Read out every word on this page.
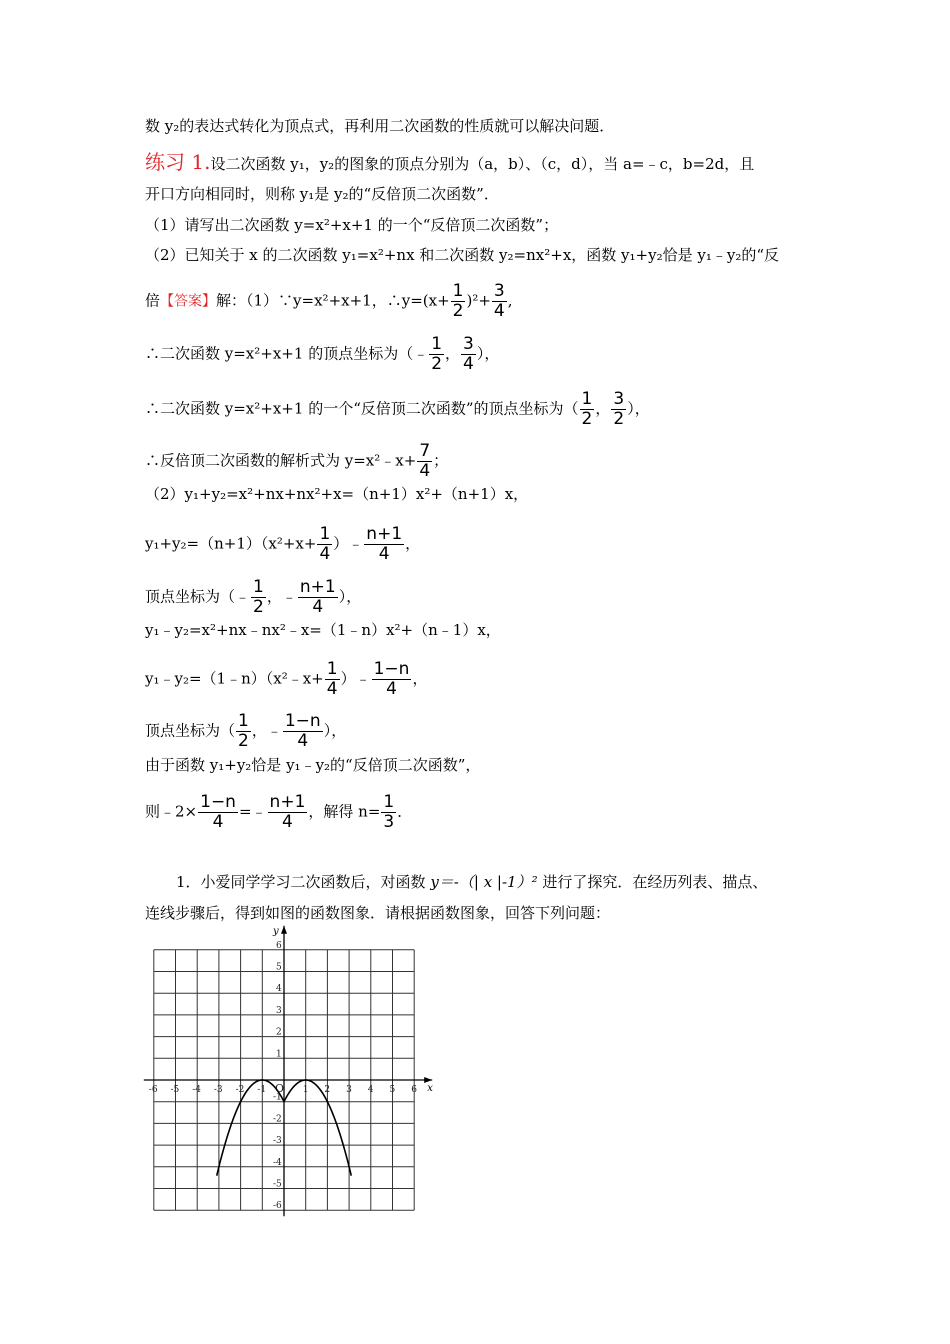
数 y₂的表达式转化为顶点式，再利用二次函数的性质就可以解决问题．
练习 1.设二次函数 y₁，y₂的图象的顶点分别为（a，b）、（c，d），当 a=﹣c，b=2d，且
开口方向相同时，则称 y₁是 y₂的“反倍顶二次函数”．
（1）请写出二次函数 y=x²+x+1 的一个“反倍顶二次函数”；
（2）已知关于 x 的二次函数 y₁=x²+nx 和二次函数 y₂=nx²+x，函数 y₁+y₂恰是 y₁﹣y₂的“反
倍【答案】解：（1）∵y=x²+x+1，∴y=(x+ $\frac{1}{2} )^2+ \frac{3}{4}$ ,
∴二次函数 y=x²+x+1 的顶点坐标为（﹣ $\frac{1}{2}$ ， $\frac{3}{4}$ ），
∴二次函数 y=x²+x+1 的一个“反倍顶二次函数”的顶点坐标为（ $\frac{1}{2}$ ， $\frac{3}{2}$ ），
∴反倍顶二次函数的解析式为 y=x²﹣x+ $\frac{7}{4}$ ；
（2）y₁+y₂=x²+nx+nx²+x=（n+1）x²+（n+1）x，
$y_1+y_2=(n+1)(x^2+x+ \frac{1}{4}$ ）﹣ $\frac{n+1}{4}$ ，
顶点坐标为（﹣ $\frac{1}{2}$ ，﹣ $\frac{n+1}{4}$ ），
y₁﹣y₂=x²+nx﹣nx²﹣x=（1﹣n）x²+（n﹣1）x，
y₁﹣y₂=（1﹣n）（x²﹣x+ $\frac{1}{4}$ ）﹣ $\frac{1-n}{4}$ ，
顶点坐标为（ $\frac{1}{2}$ ，﹣ $\frac{1-n}{4}$ ），
由于函数 y₁+y₂恰是 y₁﹣y₂的“反倍顶二次函数”，
则﹣2× $\frac{1-n}{4}$ =﹣ $\frac{n+1}{4}$ ，解得 $n= \frac{1}{3}$ ．
1．小爱同学学习二次函数后，对函数 y＝-（| x |-1）² 进行了探究．在经历列表、描点、
连线步骤后，得到如图的函数图象．请根据函数图象，回答下列问题：
x
y
-6 -5 -4 -3 -2 -1 O 1 2 3 4 5 6
6
5
4
3
2
1
-1
-2
-3
-4
-5
-6
